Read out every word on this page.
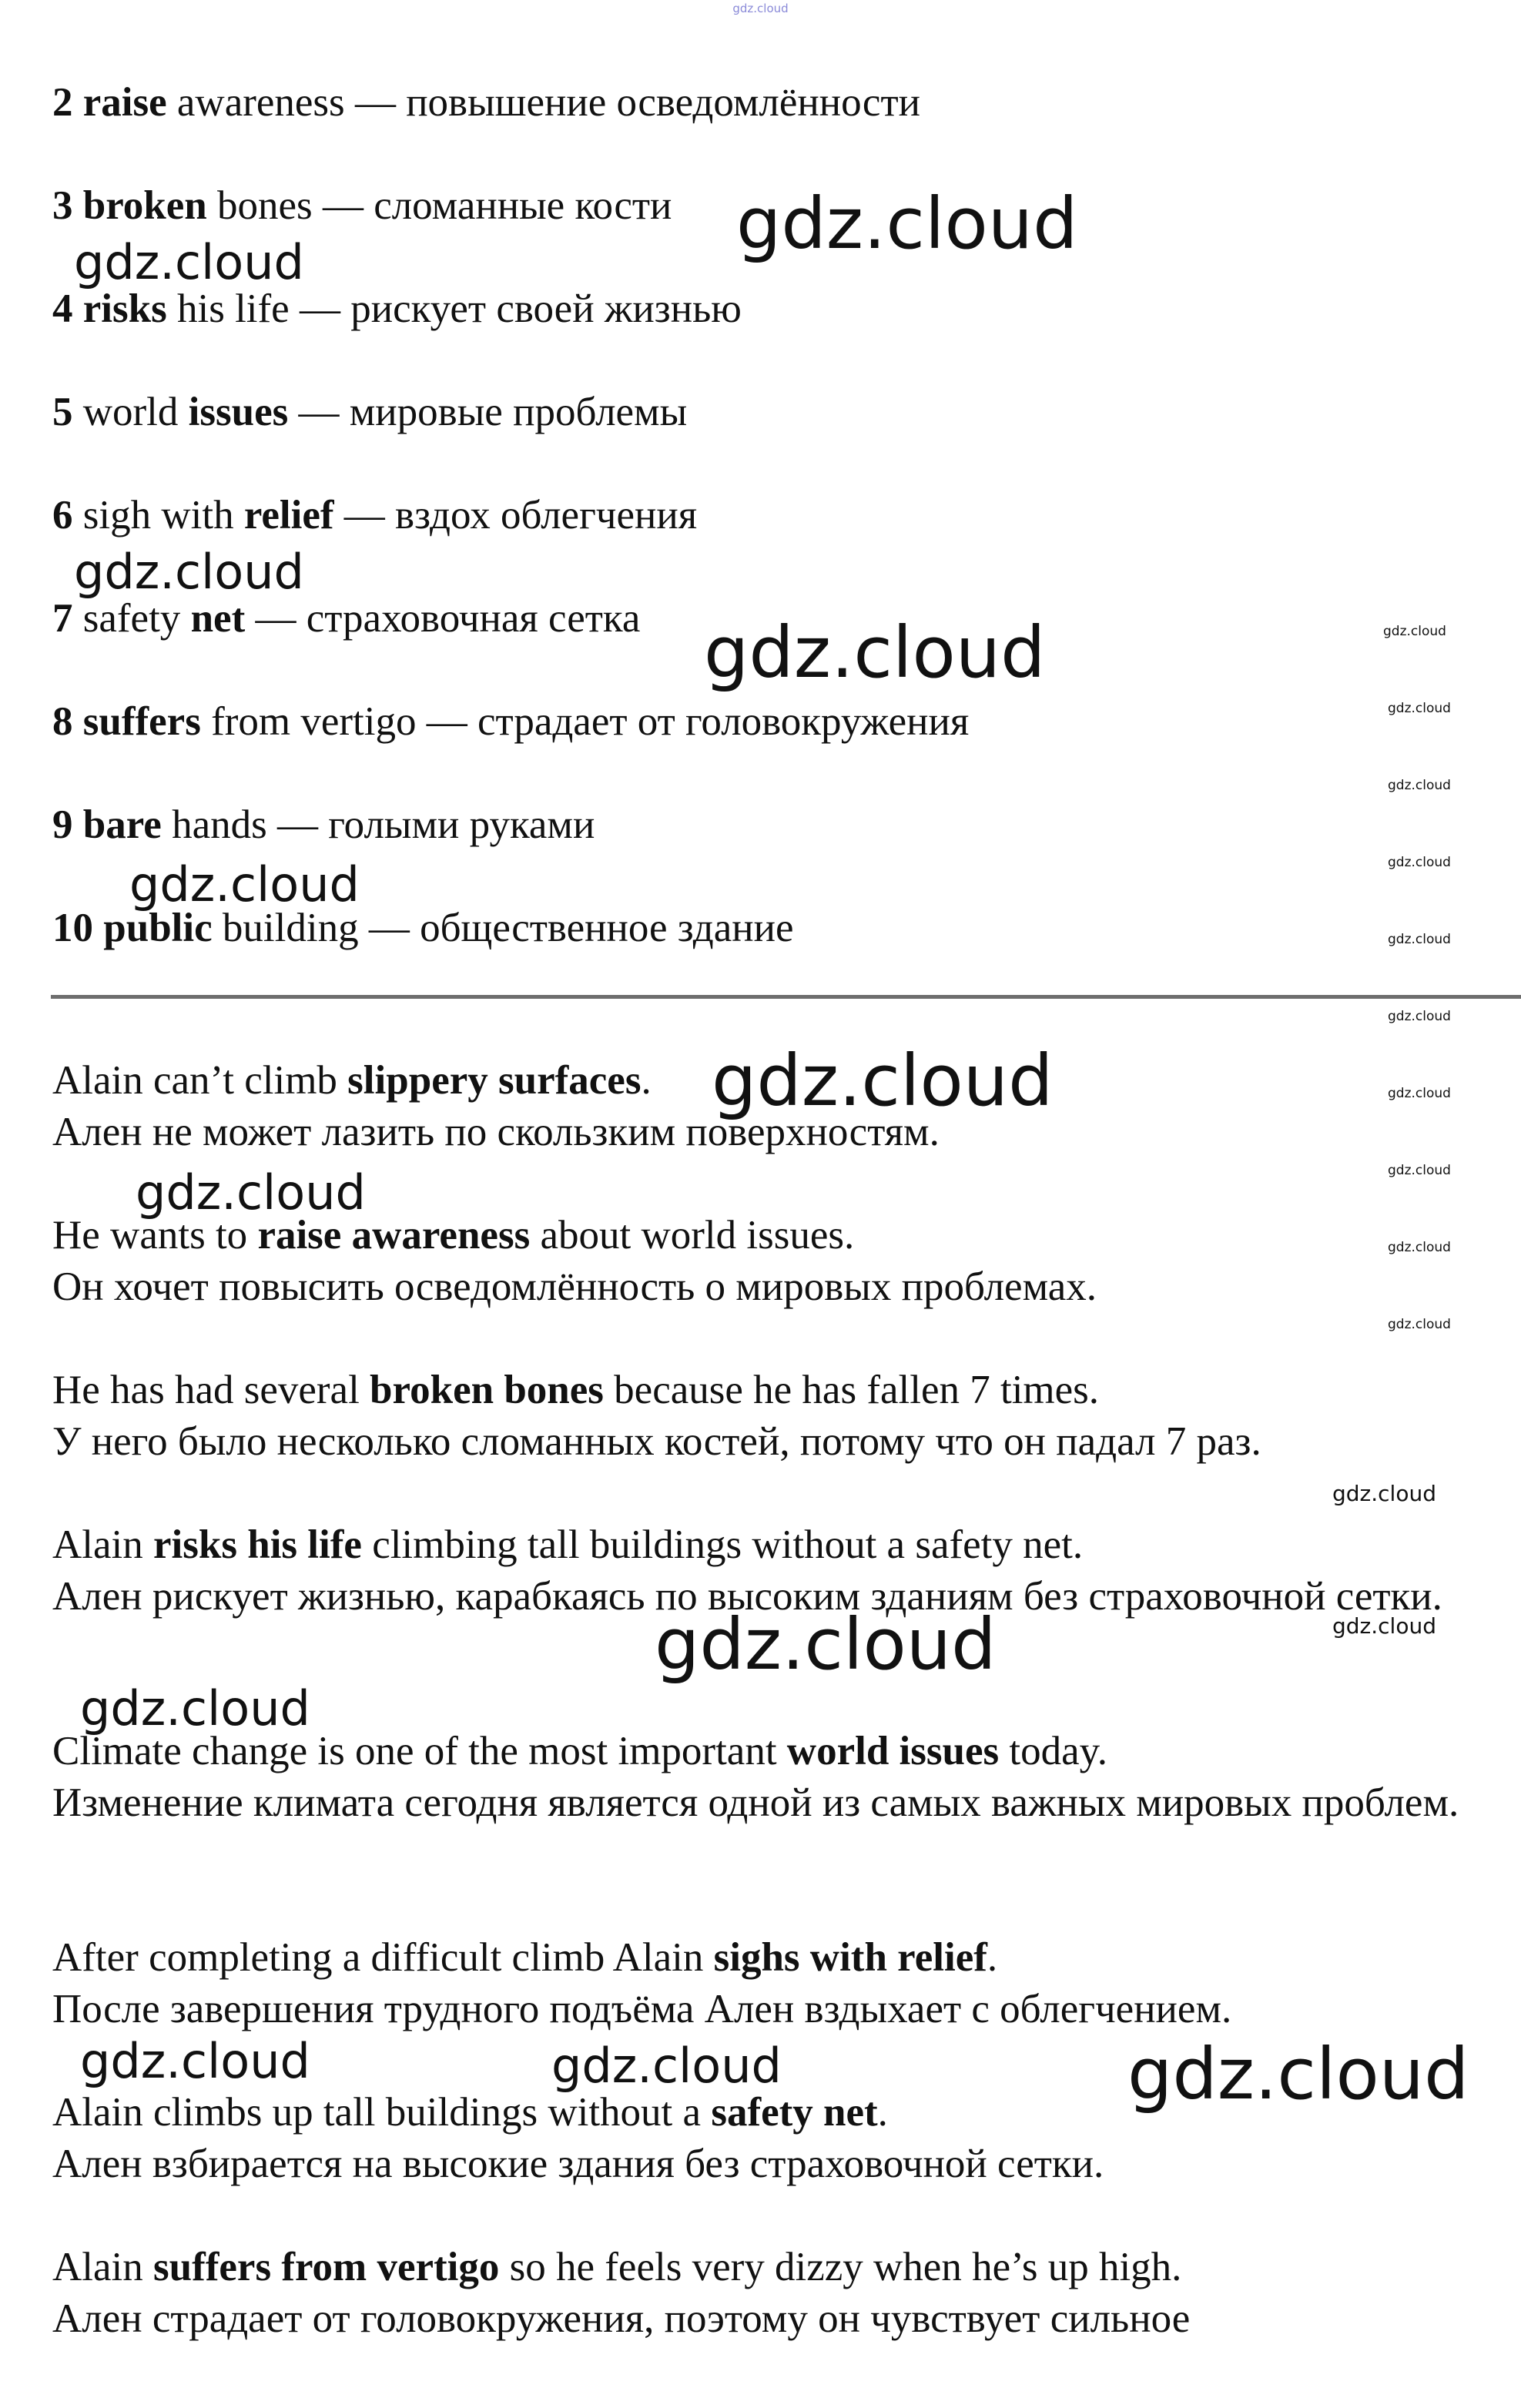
gdz.cloud

2 raise awareness — повышение осведомлённости

3 broken bones — сломанные кости

4 risks his life — рискует своей жизнью

5 world issues — мировые проблемы

6 sigh with relief — вздох облегчения

7 safety net — страховочная сетка

8 suffers from vertigo — страдает от головокружения

9 bare hands — голыми руками

10 public building — общественное здание

Alain can’t climb slippery surfaces.
Ален не может лазить по скользким поверхностям.
He wants to raise awareness about world issues.
Он хочет повысить осведомлённость о мировых проблемах.
He has had several broken bones because he has fallen 7 times.
У него было несколько сломанных костей, потому что он падал 7 раз.
Alain risks his life climbing tall buildings without a safety net.
Ален рискует жизнью, карабкаясь по высоким зданиям без страховочной сетки.
Climate change is one of the most important world issues today.
Изменение климата сегодня является одной из самых важных мировых проблем.
After completing a difficult climb Alain sighs with relief.
После завершения трудного подъёма Ален вздыхает с облегчением.
Alain climbs up tall buildings without a safety net.
Ален взбирается на высокие здания без страховочной сетки.
Alain suffers from vertigo so he feels very dizzy when he’s up high.
Ален страдает от головокружения, поэтому он чувствует сильное
gdz.cloud
gdz.cloud
gdz.cloud
gdz.cloud
gdz.cloud
gdz.cloud
gdz.cloud
gdz.cloud
gdz.cloud
gdz.cloud	gdz.cloud	gdz.cloud
gdz.cloud
gdz.cloud
gdz.cloud
gdz.cloud
gdz.cloud
gdz.cloud
gdz.cloud
gdz.cloud
gdz.cloud
gdz.cloud
gdz.cloud
gdz.cloud
